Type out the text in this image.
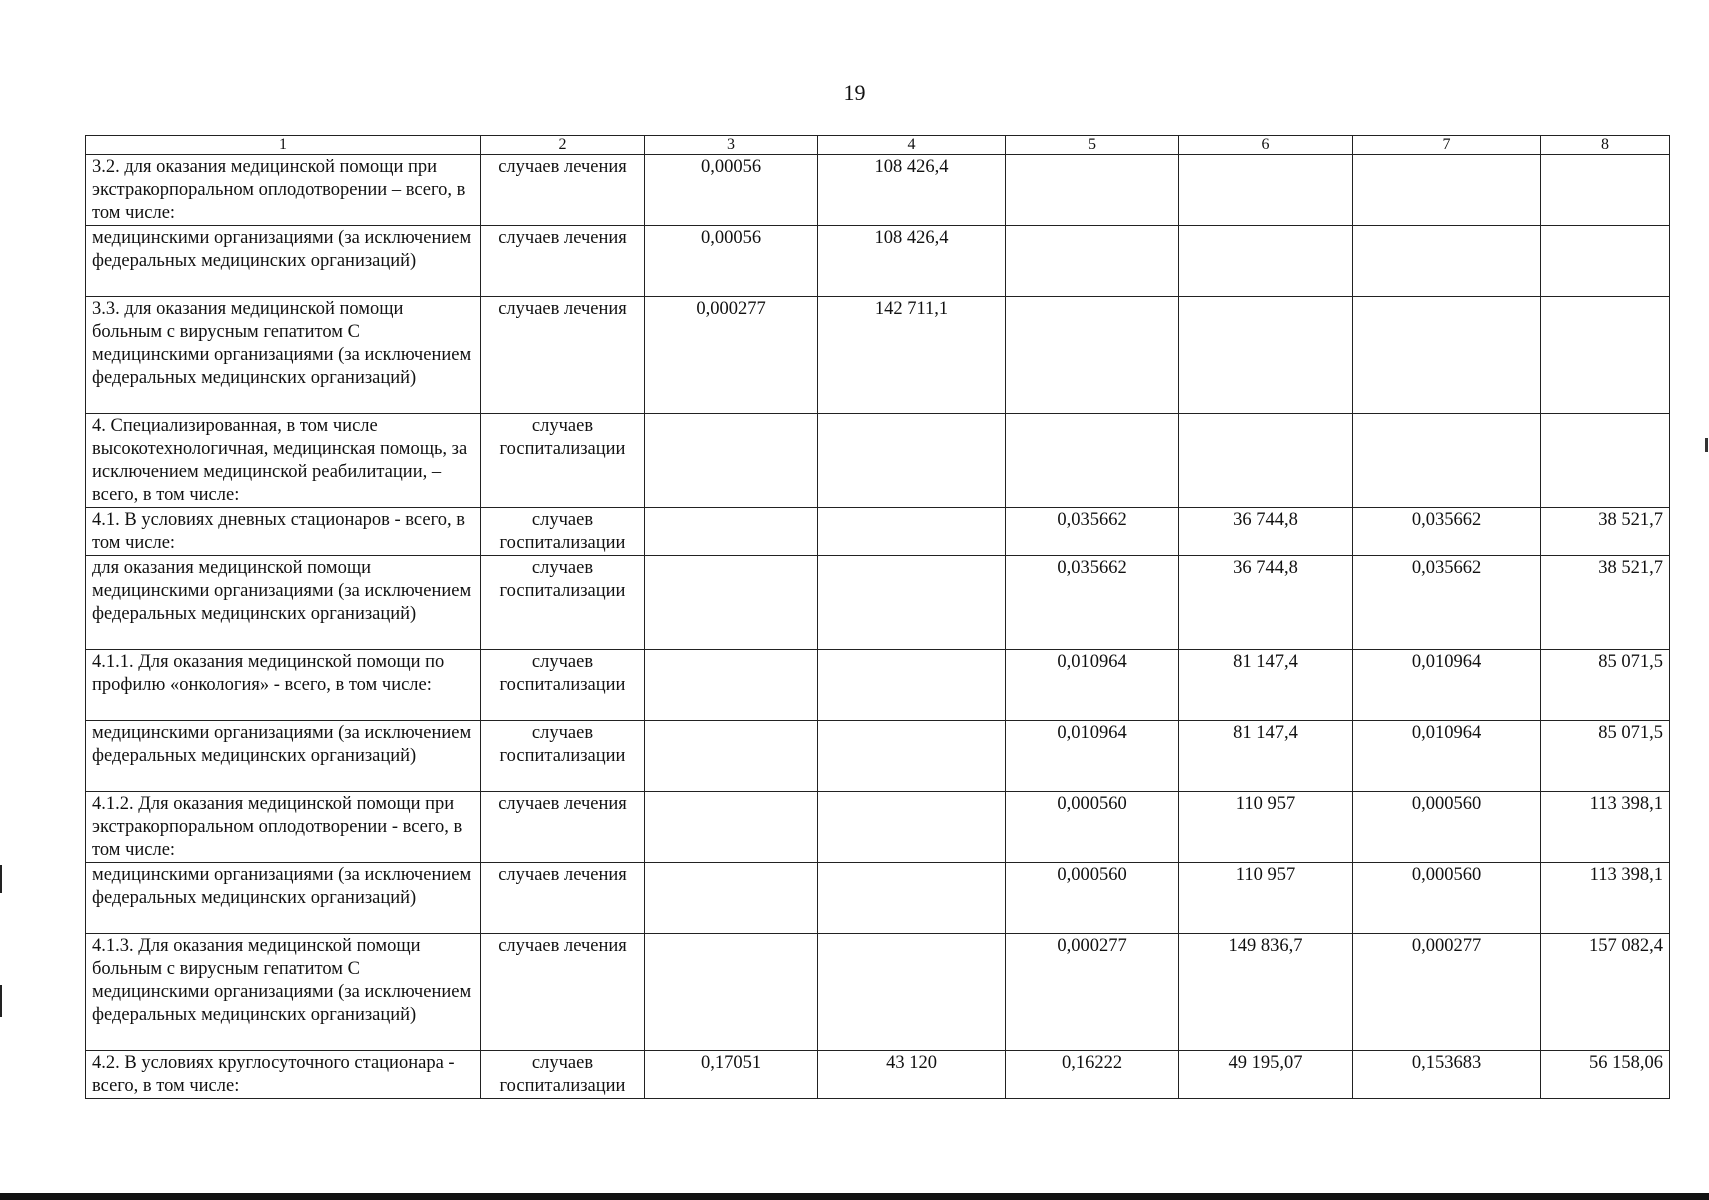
19
1	2	3	4	5	6	7	8
3.2. для оказания медицинской помощи при экстракорпоральном оплодотворении – всего, в том числе:	случаев лечения	0,00056	108 426,4				
медицинскими организациями (за исключением федеральных медицинских организаций)	случаев лечения	0,00056	108 426,4				
3.3. для оказания медицинской помощи больным с вирусным гепатитом С медицинскими организациями (за исключением федеральных медицинских организаций)	случаев лечения	0,000277	142 711,1				
4. Специализированная, в том числе высокотехнологичная, медицинская помощь, за исключением медицинской реабилитации, – всего, в том числе:	случаев госпитализации						
4.1. В условиях дневных стационаров - всего, в том числе:	случаев госпитализации			0,035662	36 744,8	0,035662	38 521,7
для оказания медицинской помощи медицинскими организациями (за исключением федеральных медицинских организаций)	случаев госпитализации			0,035662	36 744,8	0,035662	38 521,7
4.1.1. Для оказания медицинской помощи по профилю «онкология» - всего, в том числе:	случаев госпитализации			0,010964	81 147,4	0,010964	85 071,5
медицинскими организациями (за исключением федеральных медицинских организаций)	случаев госпитализации			0,010964	81 147,4	0,010964	85 071,5
4.1.2. Для оказания медицинской помощи при экстракорпоральном оплодотворении - всего, в том числе:	случаев лечения			0,000560	110 957	0,000560	113 398,1
медицинскими организациями (за исключением федеральных медицинских организаций)	случаев лечения			0,000560	110 957	0,000560	113 398,1
4.1.3. Для оказания медицинской помощи больным с вирусным гепатитом С медицинскими организациями (за исключением федеральных медицинских организаций)	случаев лечения			0,000277	149 836,7	0,000277	157 082,4
4.2. В условиях круглосуточного стационара - всего, в том числе:	случаев госпитализации	0,17051	43 120	0,16222	49 195,07	0,153683	56 158,06
